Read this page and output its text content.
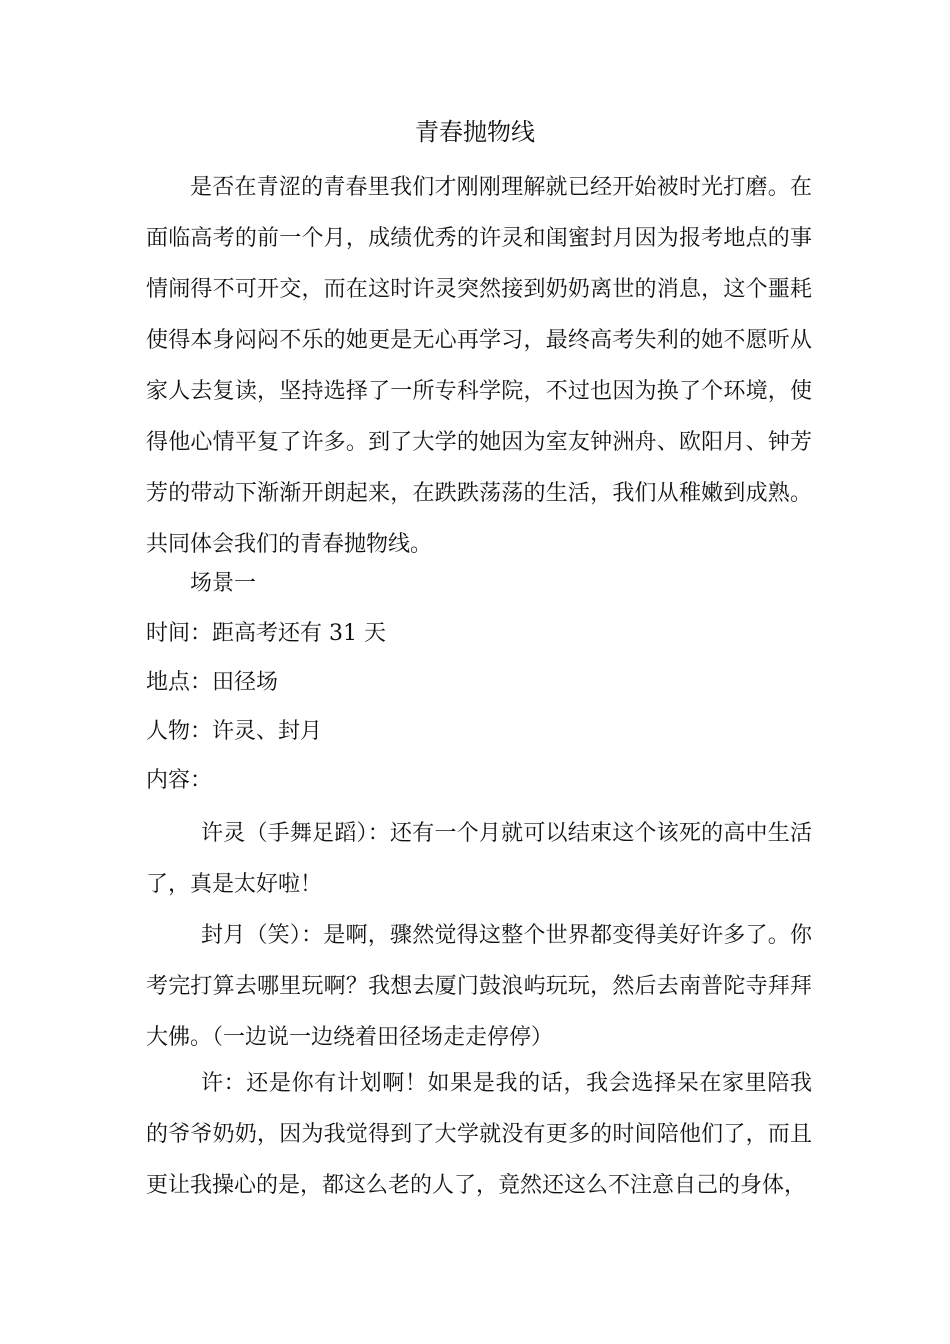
青春抛物线

是否在青涩的青春里我们才刚刚理解就已经开始被时光打磨。在面临高考的前一个月，成绩优秀的许灵和闺蜜封月因为报考地点的事情闹得不可开交，而在这时许灵突然接到奶奶离世的消息，这个噩耗使得本身闷闷不乐的她更是无心再学习，最终高考失利的她不愿听从家人去复读，坚持选择了一所专科学院，不过也因为换了个环境，使得他心情平复了许多。到了大学的她因为室友钟洲舟、欧阳月、钟芳芳的带动下渐渐开朗起来，在跌跌荡荡的生活，我们从稚嫩到成熟。共同体会我们的青春抛物线。

场景一

时间：距高考还有 31 天

地点：田径场

人物：许灵、封月

内容：

许灵（手舞足蹈）：还有一个月就可以结束这个该死的高中生活了，真是太好啦！

封月（笑）：是啊，骤然觉得这整个世界都变得美好许多了。你考完打算去哪里玩啊？我想去厦门鼓浪屿玩玩，然后去南普陀寺拜拜大佛。（一边说一边绕着田径场走走停停）

许：还是你有计划啊！如果是我的话，我会选择呆在家里陪我的爷爷奶奶，因为我觉得到了大学就没有更多的时间陪他们了，而且更让我操心的是，都这么老的人了，竟然还这么不注意自己的身体，
